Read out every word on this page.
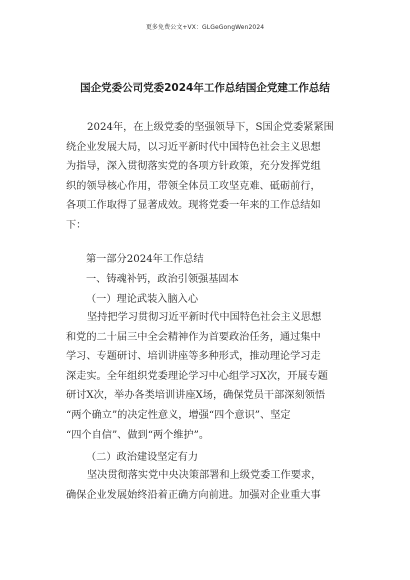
更多免费公文+VX：GLGeGongWen2024
国企党委公司党委2024年工作总结国企党建工作总结
2024年，在上级党委的坚强领导下，S国企党委紧紧围
绕企业发展大局，以习近平新时代中国特色社会主义思想
为指导，深入贯彻落实党的各项方针政策，充分发挥党组
织的领导核心作用，带领全体员工攻坚克难、砥砺前行，
各项工作取得了显著成效。现将党委一年来的工作总结如
下：
第一部分2024年工作总结
一、铸魂补钙，政治引领强基固本
（一）理论武装入脑入心
坚持把学习贯彻习近平新时代中国特色社会主义思想
和党的二十届三中全会精神作为首要政治任务，通过集中
学习、专题研讨、培训讲座等多种形式，推动理论学习走
深走实。全年组织党委理论学习中心组学习X次，开展专题
研讨X次，举办各类培训讲座X场，确保党员干部深刻领悟
“两个确立”的决定性意义，增强“四个意识”、坚定
“四个自信”、做到“两个维护”。
（二）政治建设坚定有力
坚决贯彻落实党中央决策部署和上级党委工作要求，
确保企业发展始终沿着正确方向前进。加强对企业重大事
